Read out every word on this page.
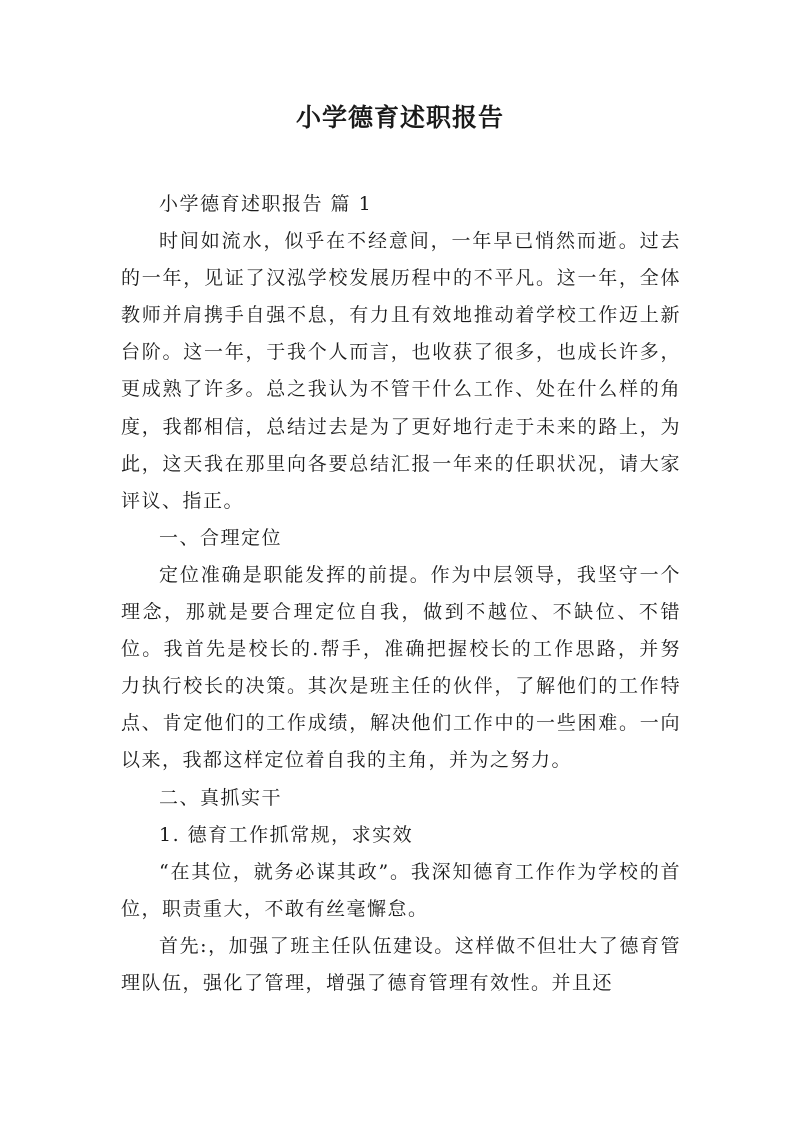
小学德育述职报告

小学德育述职报告 篇 1

时间如流水，似乎在不经意间，一年早已悄然而逝。过去的一年，见证了汉泓学校发展历程中的不平凡。这一年，全体教师并肩携手自强不息，有力且有效地推动着学校工作迈上新台阶。这一年，于我个人而言，也收获了很多，也成长许多，更成熟了许多。总之我认为不管干什么工作、处在什么样的角度，我都相信，总结过去是为了更好地行走于未来的路上，为此，这天我在那里向各要总结汇报一年来的任职状况，请大家评议、指正。

一、合理定位

定位准确是职能发挥的前提。作为中层领导，我坚守一个理念，那就是要合理定位自我，做到不越位、不缺位、不错位。我首先是校长的.帮手，准确把握校长的工作思路，并努力执行校长的决策。其次是班主任的伙伴，了解他们的工作特点、肯定他们的工作成绩，解决他们工作中的一些困难。一向以来，我都这样定位着自我的主角，并为之努力。

二、真抓实干

1. 德育工作抓常规，求实效

“在其位，就务必谋其政”。我深知德育工作作为学校的首位，职责重大，不敢有丝毫懈怠。

首先:，加强了班主任队伍建设。这样做不但壮大了德育管理队伍，强化了管理，增强了德育管理有效性。并且还
